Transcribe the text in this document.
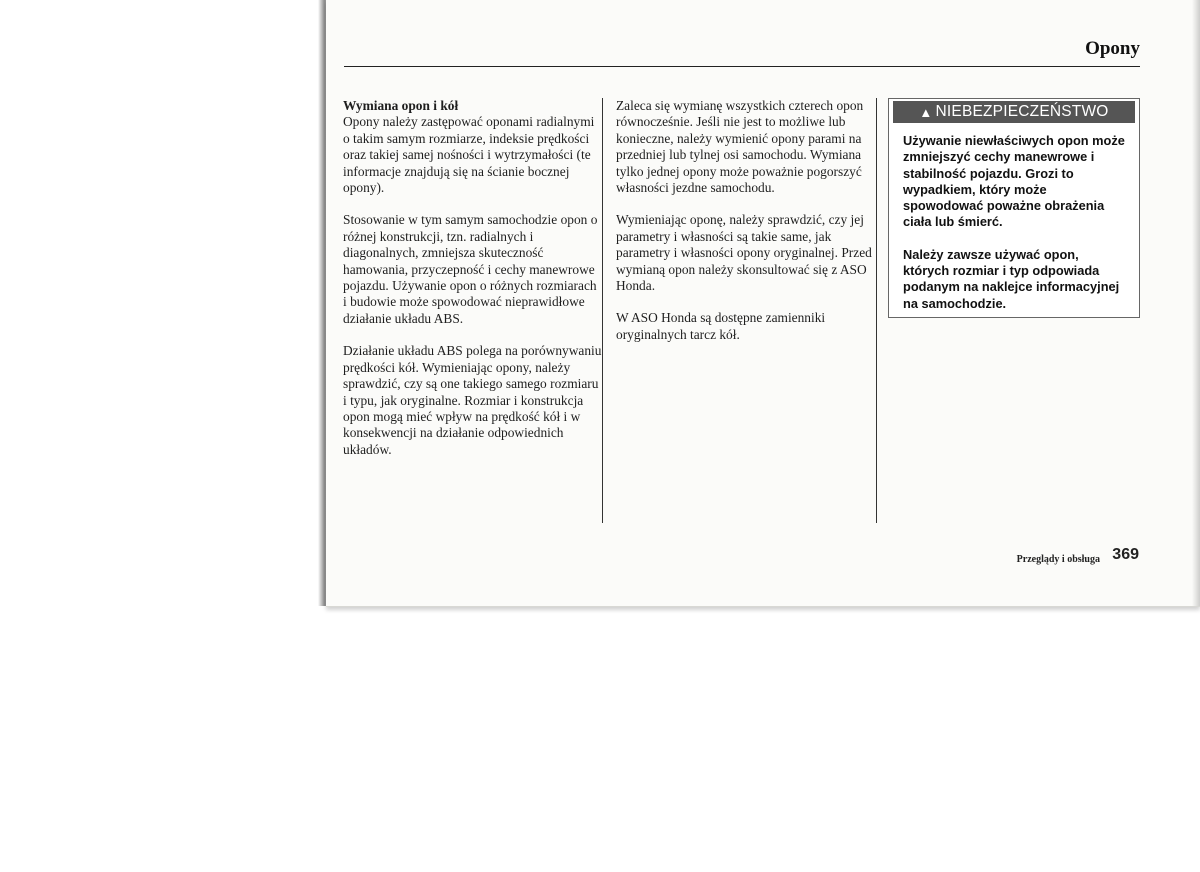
Opony

Wymiana opon i kół
Opony należy zastępować oponami radialnymi o takim samym rozmiarze, indeksie prędkości oraz takiej samej nośności i wytrzymałości (te informacje znajdują się na ścianie bocznej opony).

Stosowanie w tym samym samochodzie opon o różnej konstrukcji, tzn. radialnych i diagonalnych, zmniejsza skuteczność hamowania, przyczepność i cechy manewrowe pojazdu. Używanie opon o różnych rozmiarach i budowie może spowodować nieprawidłowe działanie układu ABS.

Działanie układu ABS polega na porównywaniu prędkości kół. Wymieniając opony, należy sprawdzić, czy są one takiego samego rozmiaru i typu, jak oryginalne. Rozmiar i konstrukcja opon mogą mieć wpływ na prędkość kół i w konsekwencji na działanie odpowiednich układów.

Zaleca się wymianę wszystkich czterech opon równocześnie. Jeśli nie jest to możliwe lub konieczne, należy wymienić opony parami na przedniej lub tylnej osi samochodu. Wymiana tylko jednej opony może poważnie pogorszyć własności jezdne samochodu.

Wymieniając oponę, należy sprawdzić, czy jej parametry i własności są takie same, jak parametry i własności opony oryginalnej. Przed wymianą opon należy skonsultować się z ASO Honda.

W ASO Honda są dostępne zamienniki oryginalnych tarcz kół.

▲ NIEBEZPIECZEŃSTWO

Używanie niewłaściwych opon może zmniejszyć cechy manewrowe i stabilność pojazdu. Grozi to wypadkiem, który może spowodować poważne obrażenia ciała lub śmierć.

Należy zawsze używać opon, których rozmiar i typ odpowiada podanym na naklejce informacyjnej na samochodzie.

Przeglądy i obsługa 369
